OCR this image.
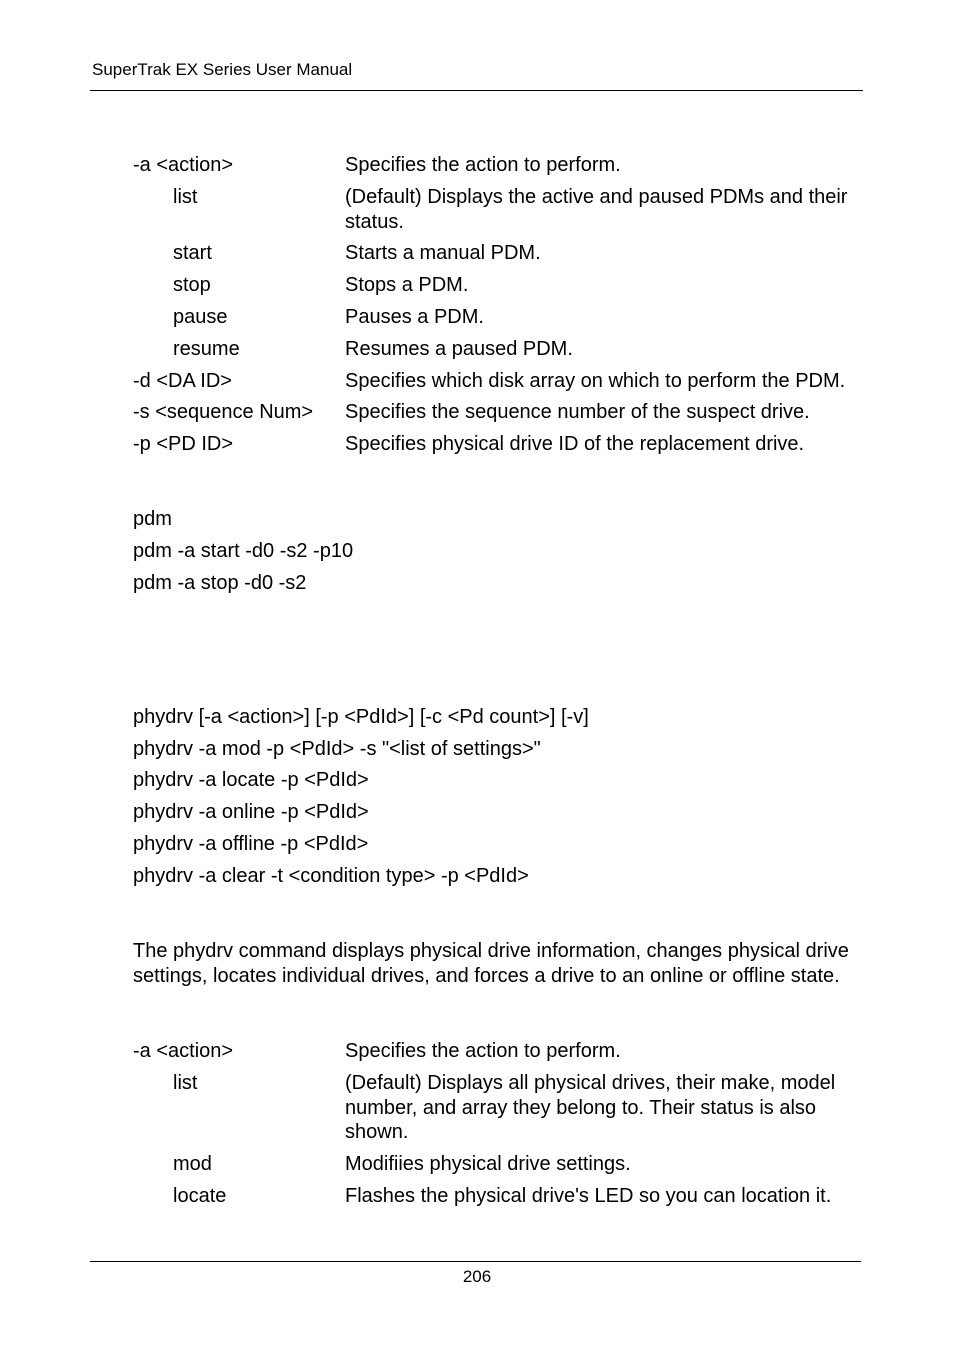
SuperTrak EX Series User Manual
-a <action>	Specifies the action to perform.
list	(Default) Displays the active and paused PDMs and their status.
start	Starts a manual PDM.
stop	Stops a PDM.
pause	Pauses a PDM.
resume	Resumes a paused PDM.
-d <DA ID>	Specifies which disk array on which to perform the PDM.
-s <sequence Num> Specifies the sequence number of the suspect drive.
-p <PD ID>	Specifies physical drive ID of the replacement drive.
pdm
pdm -a start -d0 -s2 -p10
pdm -a stop -d0 -s2
phydrv [-a <action>] [-p <PdId>] [-c <Pd count>] [-v]
phydrv -a mod -p <PdId> -s "<list of settings>"
phydrv -a locate -p <PdId>
phydrv -a online -p <PdId>
phydrv -a offline -p <PdId>
phydrv -a clear -t <condition type> -p <PdId>
The phydrv command displays physical drive information, changes physical drive settings, locates individual drives, and forces a drive to an online or offline state.
-a <action>	Specifies the action to perform.
list	(Default) Displays all physical drives, their make, model number, and array they belong to. Their status is also shown.
mod	Modifiies physical drive settings.
locate	Flashes the physical drive's LED so you can location it.
206
